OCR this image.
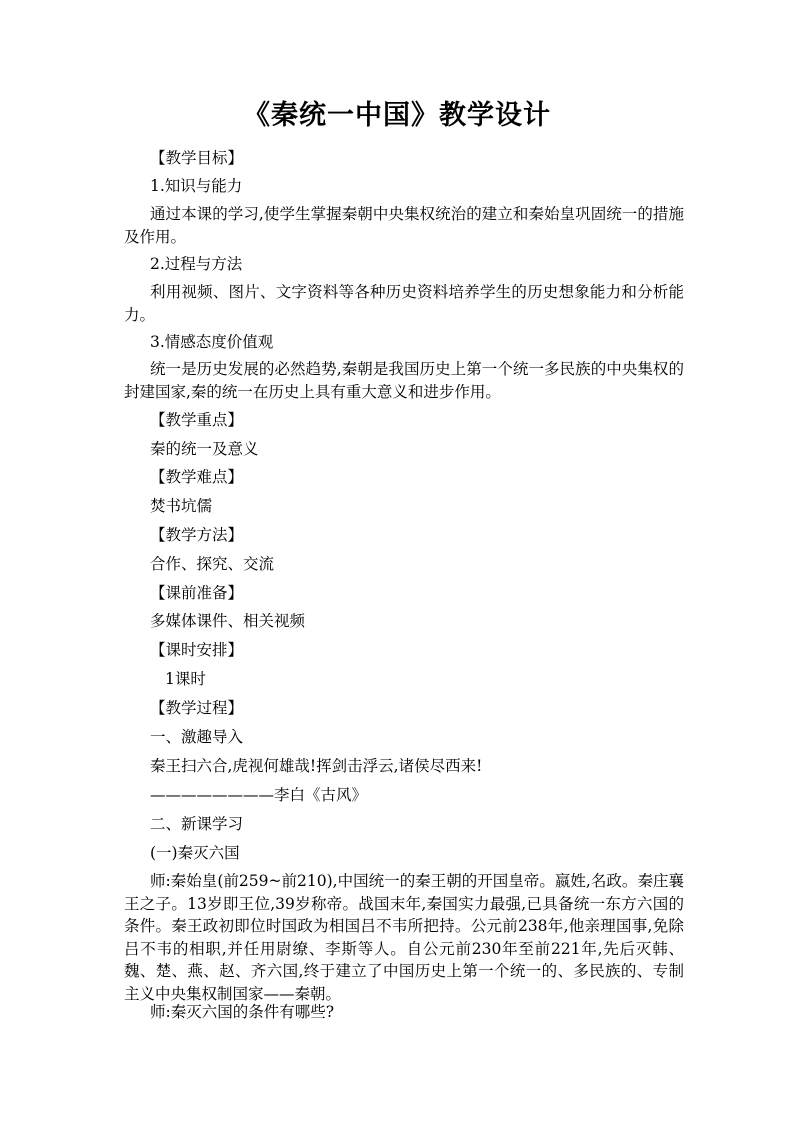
《秦统一中国》教学设计
【教学目标】
1.知识与能力
通过本课的学习,使学生掌握秦朝中央集权统治的建立和秦始皇巩固统一的措施及作用。
2.过程与方法
利用视频、图片、文字资料等各种历史资料培养学生的历史想象能力和分析能力。
3.情感态度价值观
统一是历史发展的必然趋势,秦朝是我国历史上第一个统一多民族的中央集权的封建国家,秦的统一在历史上具有重大意义和进步作用。
【教学重点】
秦的统一及意义
【教学难点】
焚书坑儒
【教学方法】
合作、探究、交流
【课前准备】
多媒体课件、相关视频
【课时安排】
1课时
【教学过程】
一、激趣导入
秦王扫六合,虎视何雄哉!挥剑击浮云,诸侯尽西来!
————————李白《古风》
二、新课学习
(一)秦灭六国
师:秦始皇(前259~前210),中国统一的秦王朝的开国皇帝。嬴姓,名政。秦庄襄王之子。13岁即王位,39岁称帝。战国末年,秦国实力最强,已具备统一东方六国的条件。秦王政初即位时国政为相国吕不韦所把持。公元前238年,他亲理国事,免除吕不韦的相职,并任用尉缭、李斯等人。自公元前230年至前221年,先后灭韩、魏、楚、燕、赵、齐六国,终于建立了中国历史上第一个统一的、多民族的、专制主义中央集权制国家——秦朝。
师:秦灭六国的条件有哪些?
